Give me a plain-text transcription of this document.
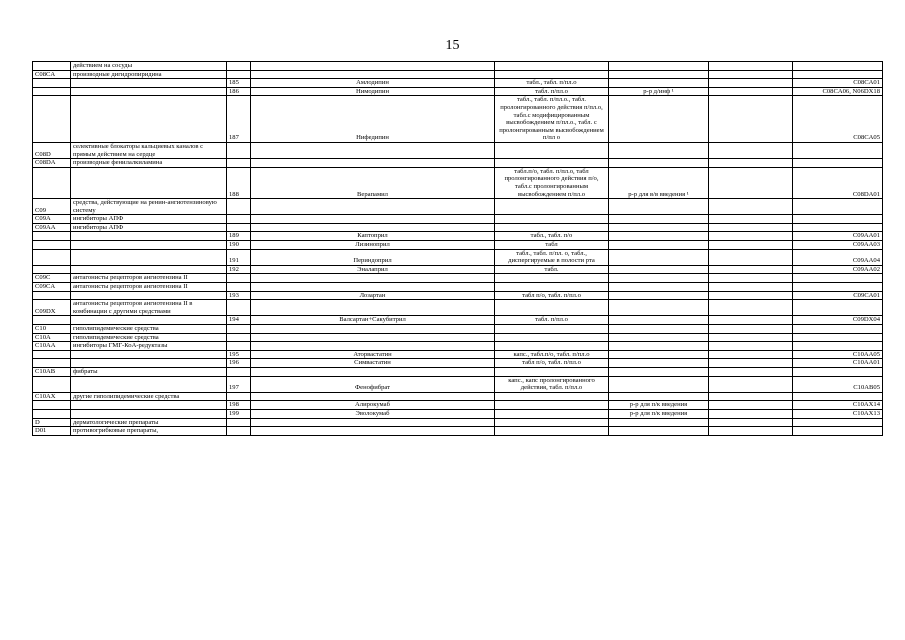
15
	действием на сосуды						
C08CA	производные дигидропиридина						
		185	Амлодипин	табл., табл. п/пл.о			C08CA01
		186	Нимодипин	табл. п/пл.о	р-р д/инф ¹		C08CA06, N06DX18
		187	Нифедипин	табл., табл. п/пл.о., табл. пролонгированного действия п/пл.о, табл.с модифицированным высвобождением п/пл.о., табл. с пролонгированным высвобождением п/пл о			C08CA05
C08D	селективные блокаторы кальциевых каналов с прямым действием на сердце						
C08DA	производные фенилалкиламина						
		188	Верапамил	табл.п/о, табл. п/пл.о, табл пролонгированного действия п/о, табл.с пролонгированным высвобождением п/пл.о	р-р для в/в введения ¹		C08DA01
C09	средства, действующие на ренин-ангиотензиновую систему						
C09A	ингибиторы АПФ						
C09AA	ингибиторы АПФ						
		189	Каптоприл	табл., табл. п/о			C09AA01
		190	Лизиноприл	табл			C09AA03
		191	Периндоприл	табл., табл. п/пл. о, табл., диспергируемые в полости рта			C09AA04
		192	Эналаприл	табл.			C09AA02
C09C	антагонисты рецепторов ангиотензина II						
C09CA	антагонисты рецепторов ангиотензина II						
		193	Лозартан	табл п/о, табл. п/пл.о			C09CA01
C09DX	антагонисты рецепторов ангиотензина II в комбинации с другими средствами						
		194	Валсартан+Сакубитрил	табл. п/пл.о			C09DX04
C10	гиполипидемические средства						
C10A	гиполипидемические средства						
C10AA	ингибиторы ГМГ-КоА-редуктазы						
		195	Аторвастатин	капс., табл.п/о, табл. п/пл.о			C10AA05
		196	Симвастатин	табл п/о, табл. п/пл.о			C10AA01
C10AB	фибраты						
		197	Фенофибрат	капс., капс пролонгированного действия, табл. п/пл.о			C10AB05
C10AX	другие гиполипидемические средства						
		198	Алирокумаб		р-р для п/к введения		C10AX14
		199	Эволокумаб		р-р для п/к введения		C10AX13
D	дерматологические препараты						
D01	противогрибковые препараты,						
